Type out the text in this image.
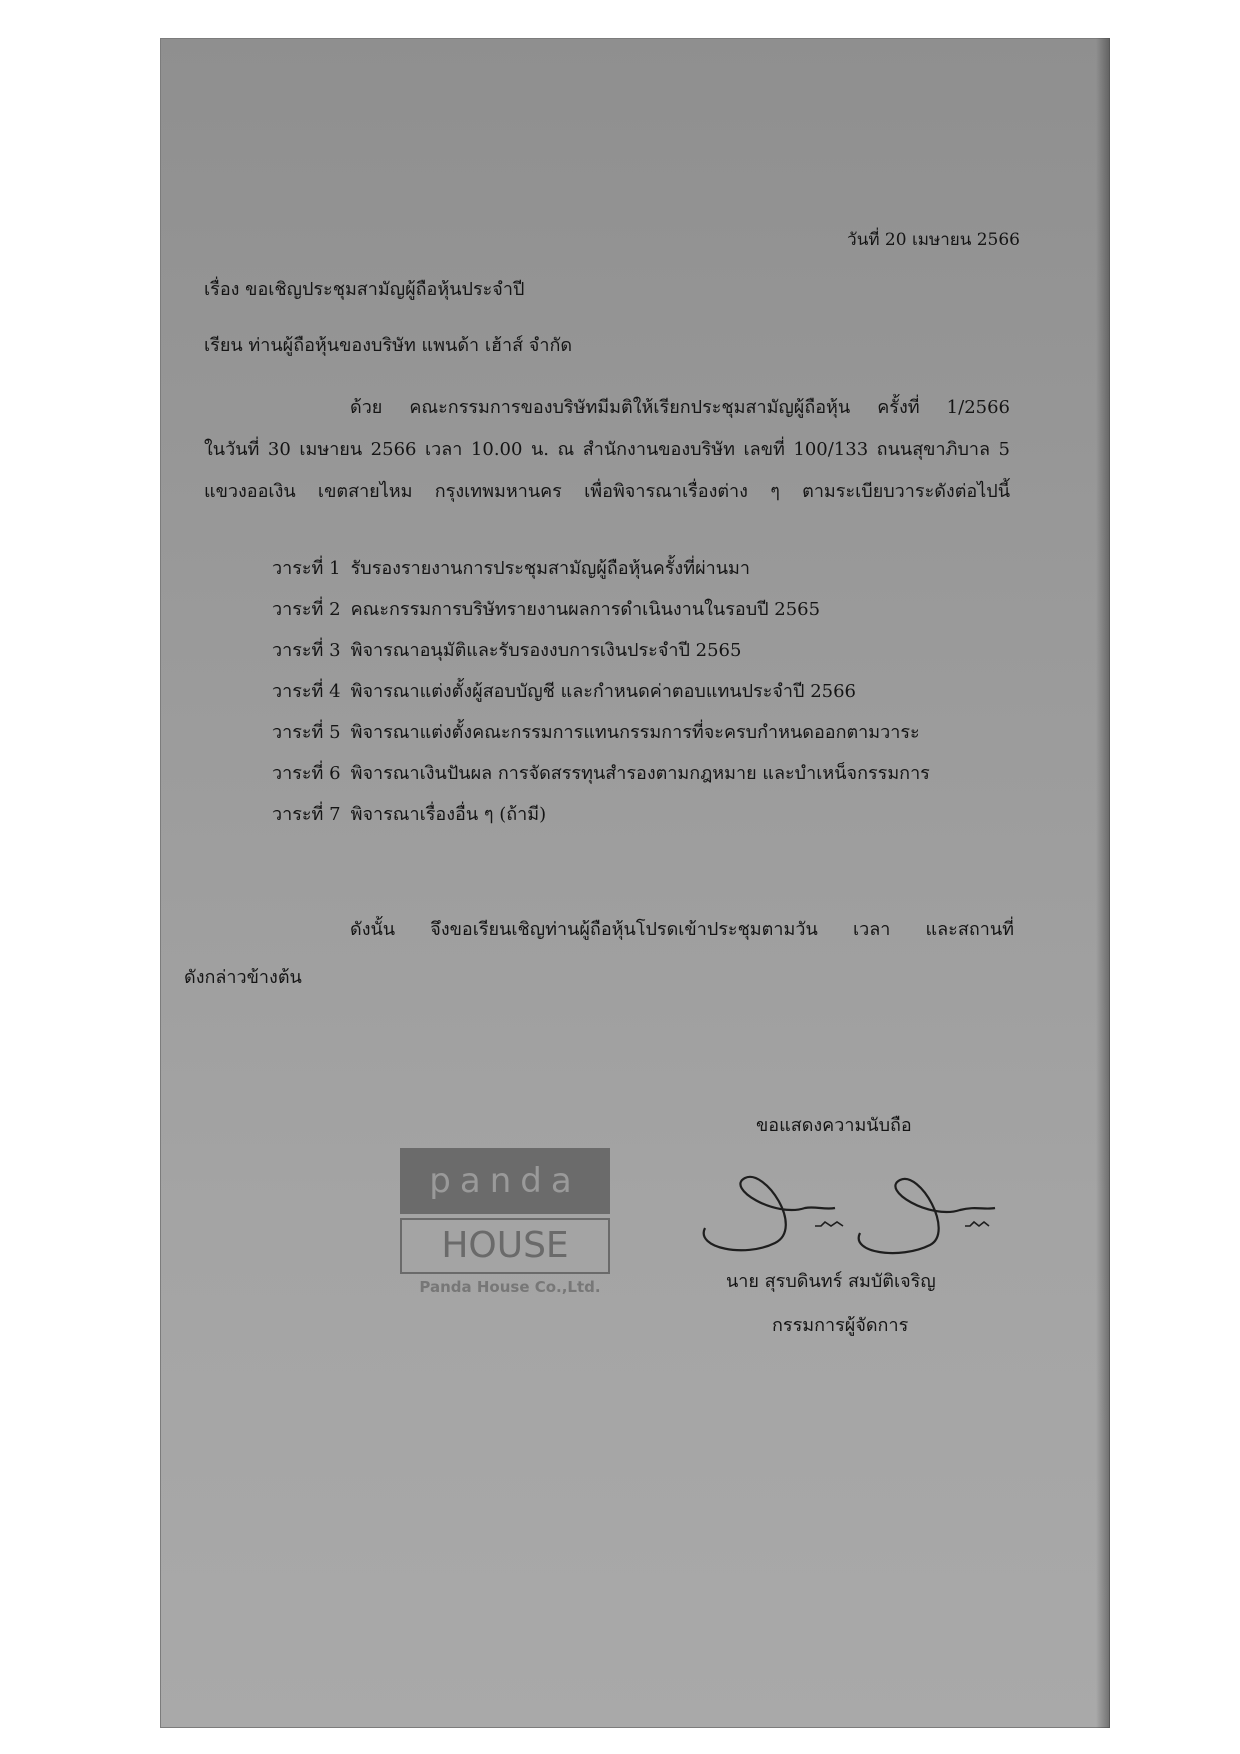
วันที่ 20 เมษายน 2566
เรื่อง ขอเชิญประชุมสามัญผู้ถือหุ้นประจำปี
เรียน ท่านผู้ถือหุ้นของบริษัท แพนด้า เฮ้าส์ จำกัด
ด้วย คณะกรรมการของบริษัทมีมติให้เรียกประชุมสามัญผู้ถือหุ้น ครั้งที่ 1/2566
ในวันที่ 30 เมษายน 2566 เวลา 10.00 น. ณ สำนักงานของบริษัท เลขที่ 100/133 ถนนสุขาภิบาล 5
แขวงออเงิน เขตสายไหม กรุงเทพมหานคร เพื่อพิจารณาเรื่องต่าง ๆ ตามระเบียบวาระดังต่อไปนี้
วาระที่ 1 รับรองรายงานการประชุมสามัญผู้ถือหุ้นครั้งที่ผ่านมา
วาระที่ 2 คณะกรรมการบริษัทรายงานผลการดำเนินงานในรอบปี 2565
วาระที่ 3 พิจารณาอนุมัติและรับรองงบการเงินประจำปี 2565
วาระที่ 4 พิจารณาแต่งตั้งผู้สอบบัญชี และกำหนดค่าตอบแทนประจำปี 2566
วาระที่ 5 พิจารณาแต่งตั้งคณะกรรมการแทนกรรมการที่จะครบกำหนดออกตามวาระ
วาระที่ 6 พิจารณาเงินปันผล การจัดสรรทุนสำรองตามกฎหมาย และบำเหน็จกรรมการ
วาระที่ 7 พิจารณาเรื่องอื่น ๆ (ถ้ามี)
ดังนั้น จึงขอเรียนเชิญท่านผู้ถือหุ้นโปรดเข้าประชุมตามวัน เวลา และสถานที่
ดังกล่าวข้างต้น
ขอแสดงความนับถือ
panda
HOUSE
Panda House Co.,Ltd.	นาย สุรบดินทร์ สมบัติเจริญ
กรรมการผู้จัดการ
